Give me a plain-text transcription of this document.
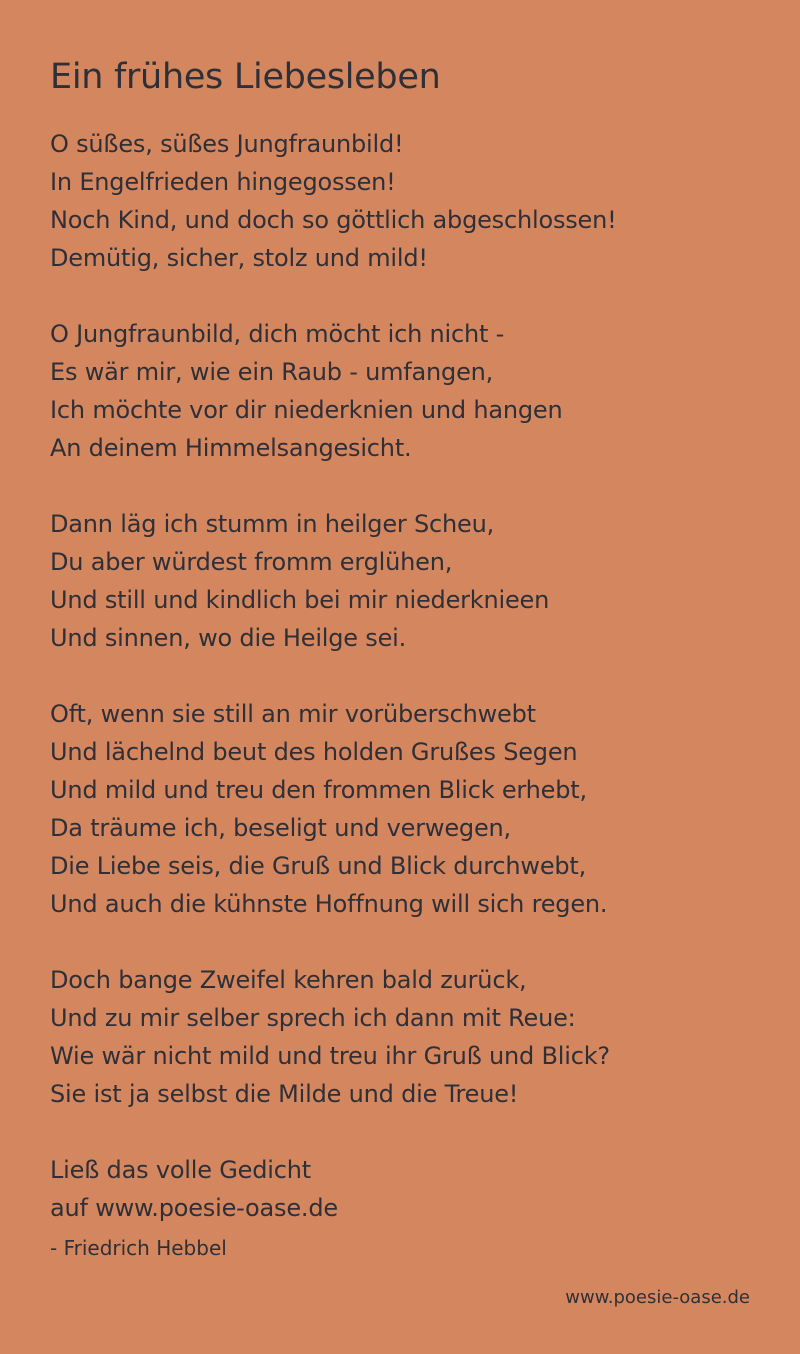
Ein frühes Liebesleben
O süßes, süßes Jungfraunbild!
In Engelfrieden hingegossen!
Noch Kind, und doch so göttlich abgeschlossen!
Demütig, sicher, stolz und mild!
O Jungfraunbild, dich möcht ich nicht -
Es wär mir, wie ein Raub - umfangen,
Ich möchte vor dir niederknien und hangen
An deinem Himmelsangesicht.
Dann läg ich stumm in heilger Scheu,
Du aber würdest fromm erglühen,
Und still und kindlich bei mir niederknieen
Und sinnen, wo die Heilge sei.
Oft, wenn sie still an mir vorüberschwebt
Und lächelnd beut des holden Grußes Segen
Und mild und treu den frommen Blick erhebt,
Da träume ich, beseligt und verwegen,
Die Liebe seis, die Gruß und Blick durchwebt,
Und auch die kühnste Hoffnung will sich regen.
Doch bange Zweifel kehren bald zurück,
Und zu mir selber sprech ich dann mit Reue:
Wie wär nicht mild und treu ihr Gruß und Blick?
Sie ist ja selbst die Milde und die Treue!
Ließ das volle Gedicht
auf www.poesie-oase.de
- Friedrich Hebbel
www.poesie-oase.de
